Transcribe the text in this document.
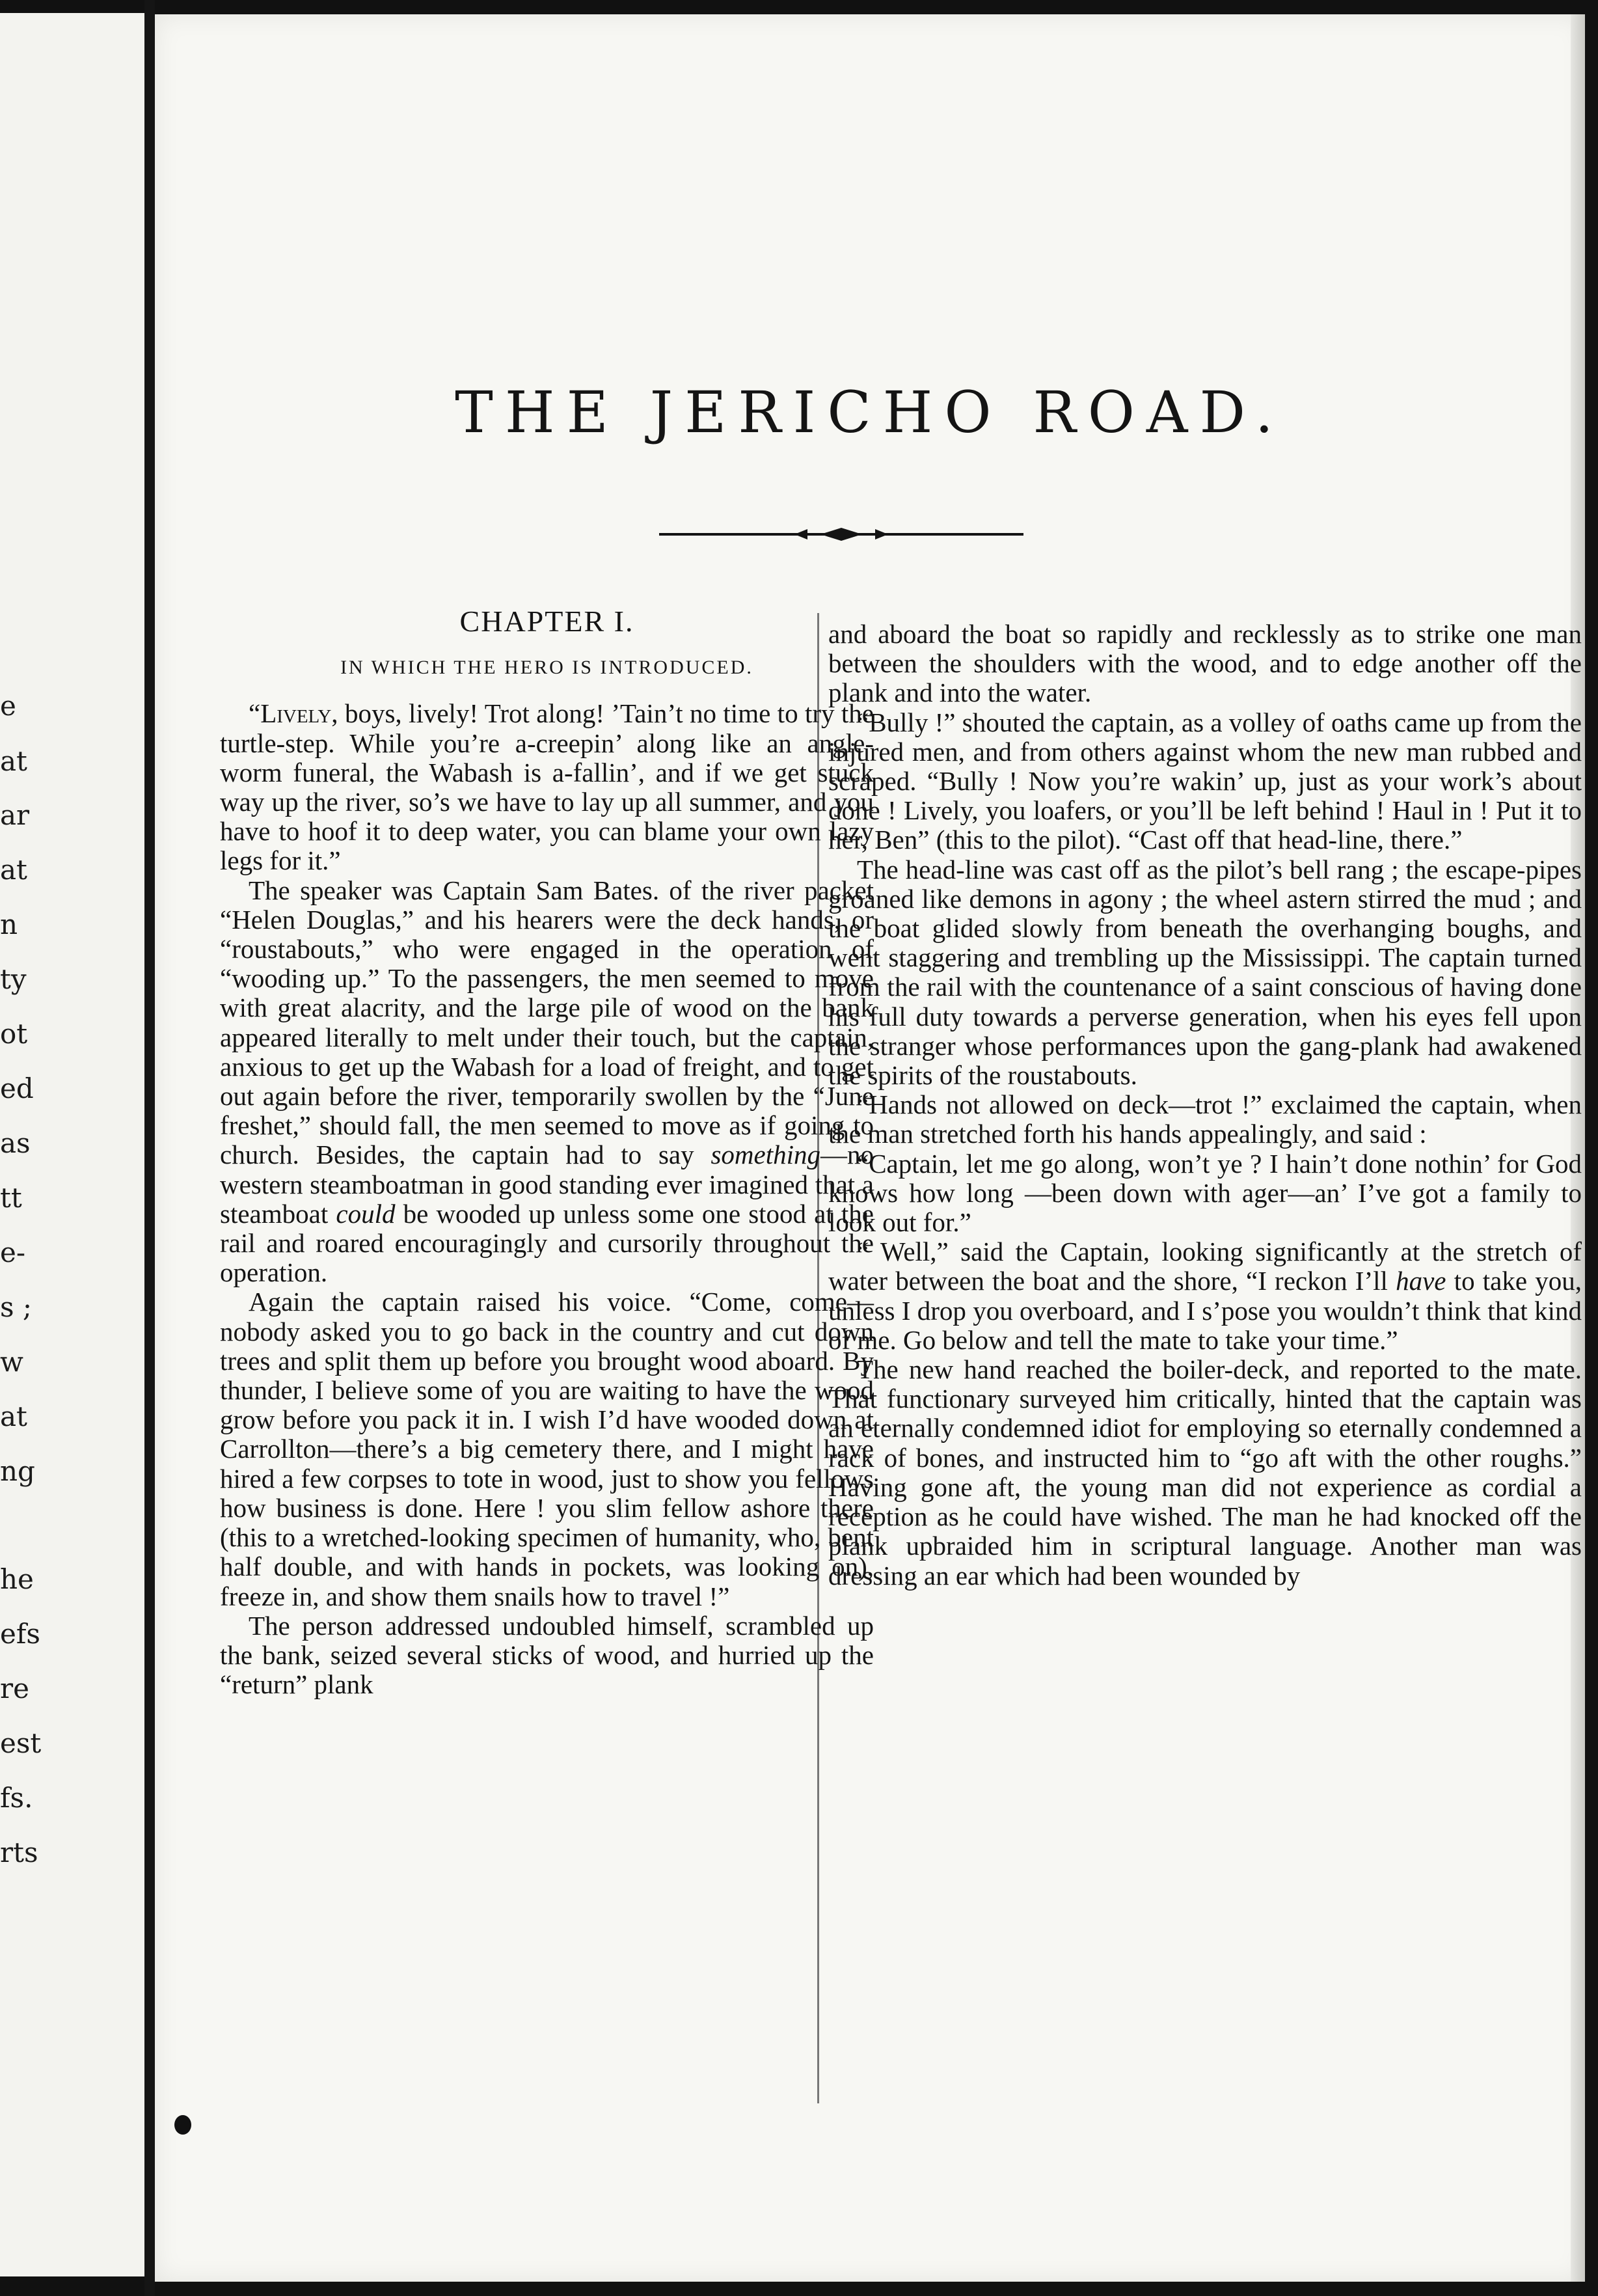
e
at
ar
at
n
ty
ot
ed
as
tt
e-
s ;
w
at
ng
he
efs
re
est
fs.
rts
THE JERICHO ROAD.
CHAPTER I.
IN WHICH THE HERO IS INTRODUCED.

“Lively, boys, lively! Trot along! ’Tain’t no time to try the turtle-step. While you’re a-creepin’ along like an angle-worm funeral, the Wabash is a-fallin’, and if we get stuck way up the river, so’s we have to lay up all summer, and you have to hoof it to deep water, you can blame your own lazy legs for it.”

The speaker was Captain Sam Bates. of the river packet “Helen Douglas,” and his hearers were the deck hands, or “roustabouts,” who were engaged in the operation of “wooding up.” To the passengers, the men seemed to move with great alacrity, and the large pile of wood on the bank appeared literally to melt under their touch, but the captain, anxious to get up the Wabash for a load of freight, and to get out again before the river, temporarily swollen by the “June freshet,” should fall, the men seemed to move as if going to church. Besides, the captain had to say something—no western steamboatman in good standing ever imagined that a steamboat could be wooded up unless some one stood at the rail and roared encouragingly and cursorily throughout the operation.

Again the captain raised his voice. “Come, come—nobody asked you to go back in the country and cut down trees and split them up before you brought wood aboard. By thunder, I believe some of you are waiting to have the wood grow before you pack it in. I wish I’d have wooded down at Carrollton—there’s a big cemetery there, and I might have hired a few corpses to tote in wood, just to show you fellows how business is done. Here ! you slim fellow ashore there (this to a wretched-looking specimen of humanity, who, bent half double, and with hands in pockets, was looking on), freeze in, and show them snails how to travel !”

The person addressed undoubled himself, scrambled up the bank, seized several sticks of wood, and hurried up the “return” plank

and aboard the boat so rapidly and recklessly as to strike one man between the shoulders with the wood, and to edge another off the plank and into the water.

“Bully !” shouted the captain, as a volley of oaths came up from the injured men, and from others against whom the new man rubbed and scraped. “Bully ! Now you’re wakin’ up, just as your work’s about done ! Lively, you loafers, or you’ll be left behind ! Haul in ! Put it to her, Ben” (this to the pilot). “Cast off that head-line, there.”

The head-line was cast off as the pilot’s bell rang ; the escape-pipes groaned like demons in agony ; the wheel astern stirred the mud ; and the boat glided slowly from beneath the overhanging boughs, and went staggering and trembling up the Mississippi. The captain turned from the rail with the countenance of a saint conscious of having done his full duty towards a perverse generation, when his eyes fell upon the stranger whose performances upon the gang-plank had awakened the spirits of the roustabouts.

“Hands not allowed on deck—trot !” exclaimed the captain, when the man stretched forth his hands appealingly, and said :

“Captain, let me go along, won’t ye ? I hain’t done nothin’ for God knows how long —been down with ager—an’ I’ve got a family to look out for.”

“ Well,” said the Captain, looking significantly at the stretch of water between the boat and the shore, “I reckon I’ll have to take you, unless I drop you overboard, and I s’pose you wouldn’t think that kind of me. Go below and tell the mate to take your time.”

The new hand reached the boiler-deck, and reported to the mate. That functionary surveyed him critically, hinted that the captain was an eternally condemned idiot for employing so eternally condemned a rack of bones, and instructed him to “go aft with the other roughs.” Having gone aft, the young man did not experience as cordial a reception as he could have wished. The man he had knocked off the plank upbraided him in scriptural language. Another man was dressing an ear which had been wounded by
